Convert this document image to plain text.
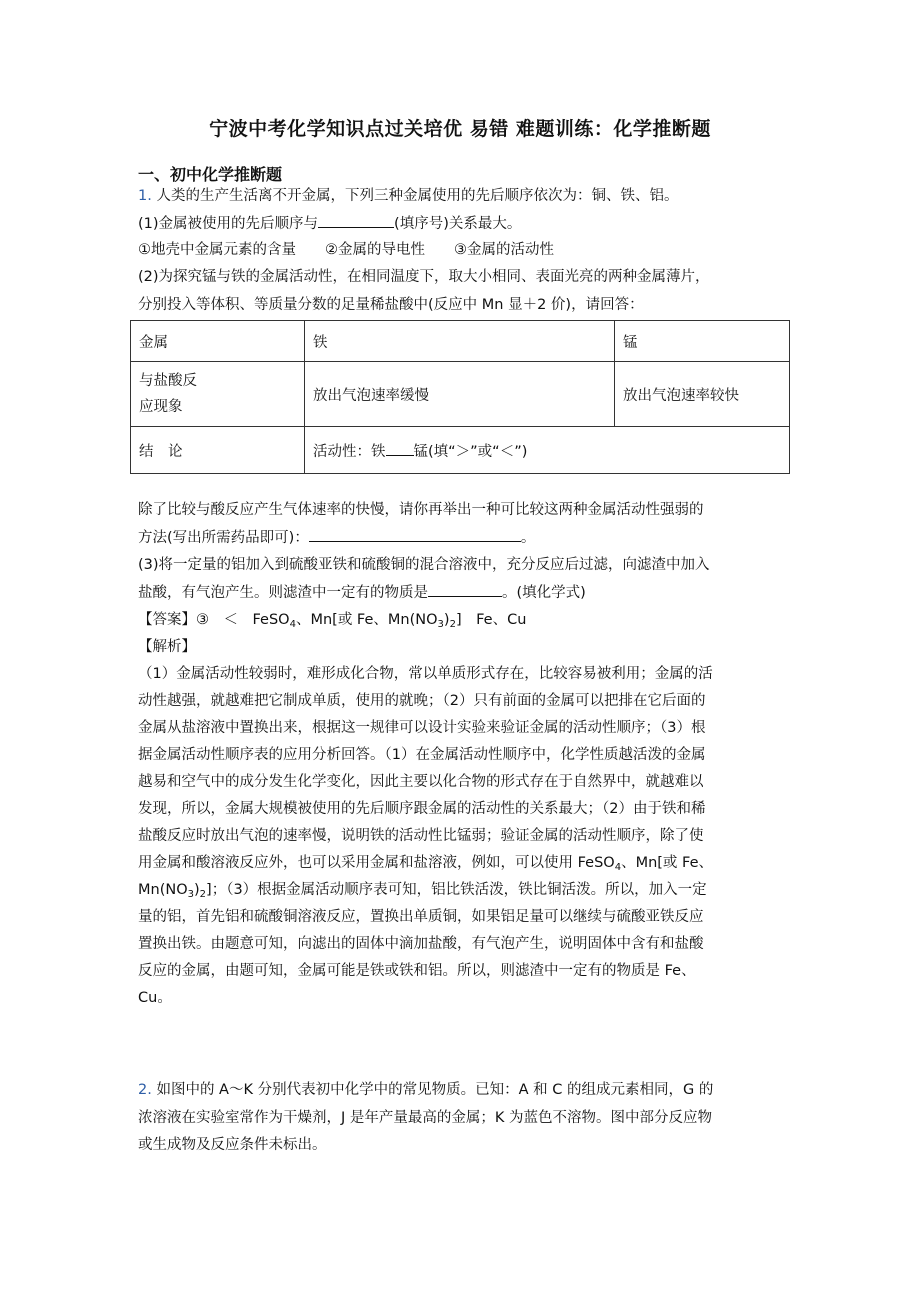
宁波中考化学知识点过关培优 易错 难题训练：化学推断题
一、初中化学推断题
1. 人类的生产生活离不开金属，下列三种金属使用的先后顺序依次为：铜、铁、铝。
(1)金属被使用的先后顺序与	(填序号)关系最大。
①地壳中金属元素的含量　　②金属的导电性　　③金属的活动性
(2)为探究锰与铁的金属活动性，在相同温度下，取大小相同、表面光亮的两种金属薄片，
分别投入等体积、等质量分数的足量稀盐酸中(反应中 Mn 显＋2 价)，请回答：
金属	铁	锰

与盐酸反
应现象	放出气泡速率缓慢	放出气泡速率较快
结　论	活动性：铁 锰(填“＞”或“＜”)	
除了比较与酸反应产生气体速率的快慢，请你再举出一种可比较这两种金属活动性强弱的
方法(写出所需药品即可)：	。
(3)将一定量的铝加入到硫酸亚铁和硫酸铜的混合溶液中，充分反应后过滤，向滤渣中加入
盐酸，有气泡产生。则滤渣中一定有的物质是	。(填化学式)
【答案】③　＜　FeSO$_4$、Mn[或 Fe、$Mn(NO_3)_2$]　Fe、Cu
【解析】
（1）金属活动性较弱时，难形成化合物，常以单质形式存在，比较容易被利用；金属的活
动性越强，就越难把它制成单质，使用的就晚；（2）只有前面的金属可以把排在它后面的
金属从盐溶液中置换出来，根据这一规律可以设计实验来验证金属的活动性顺序；（3）根
据金属活动性顺序表的应用分析回答。（1）在金属活动性顺序中，化学性质越活泼的金属
越易和空气中的成分发生化学变化，因此主要以化合物的形式存在于自然界中，就越难以
发现，所以，金属大规模被使用的先后顺序跟金属的活动性的关系最大；（2）由于铁和稀
盐酸反应时放出气泡的速率慢，说明铁的活动性比锰弱；验证金属的活动性顺序，除了使
用金属和酸溶液反应外，也可以采用金属和盐溶液，例如，可以使用 FeSO$_4$、Mn[或 Fe、
$Mn(NO_3)_2$]；（3）根据金属活动顺序表可知，铝比铁活泼，铁比铜活泼。所以，加入一定
量的铝，首先铝和硫酸铜溶液反应，置换出单质铜，如果铝足量可以继续与硫酸亚铁反应
置换出铁。由题意可知，向滤出的固体中滴加盐酸，有气泡产生，说明固体中含有和盐酸
反应的金属，由题可知，金属可能是铁或铁和铝。所以，则滤渣中一定有的物质是 Fe、
Cu。
2. 如图中的 A～K 分别代表初中化学中的常见物质。已知：A 和 C 的组成元素相同，G 的
浓溶液在实验室常作为干燥剂，J 是年产量最高的金属；K 为蓝色不溶物。图中部分反应物
或生成物及反应条件未标出。
